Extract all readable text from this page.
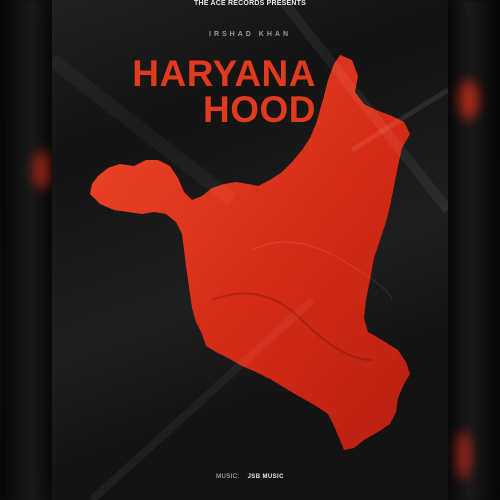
THE ACE RECORDS PRESENTS
IRSHAD KHAN
HARYANA
HOOD
MUSIC: JSB MUSIC
